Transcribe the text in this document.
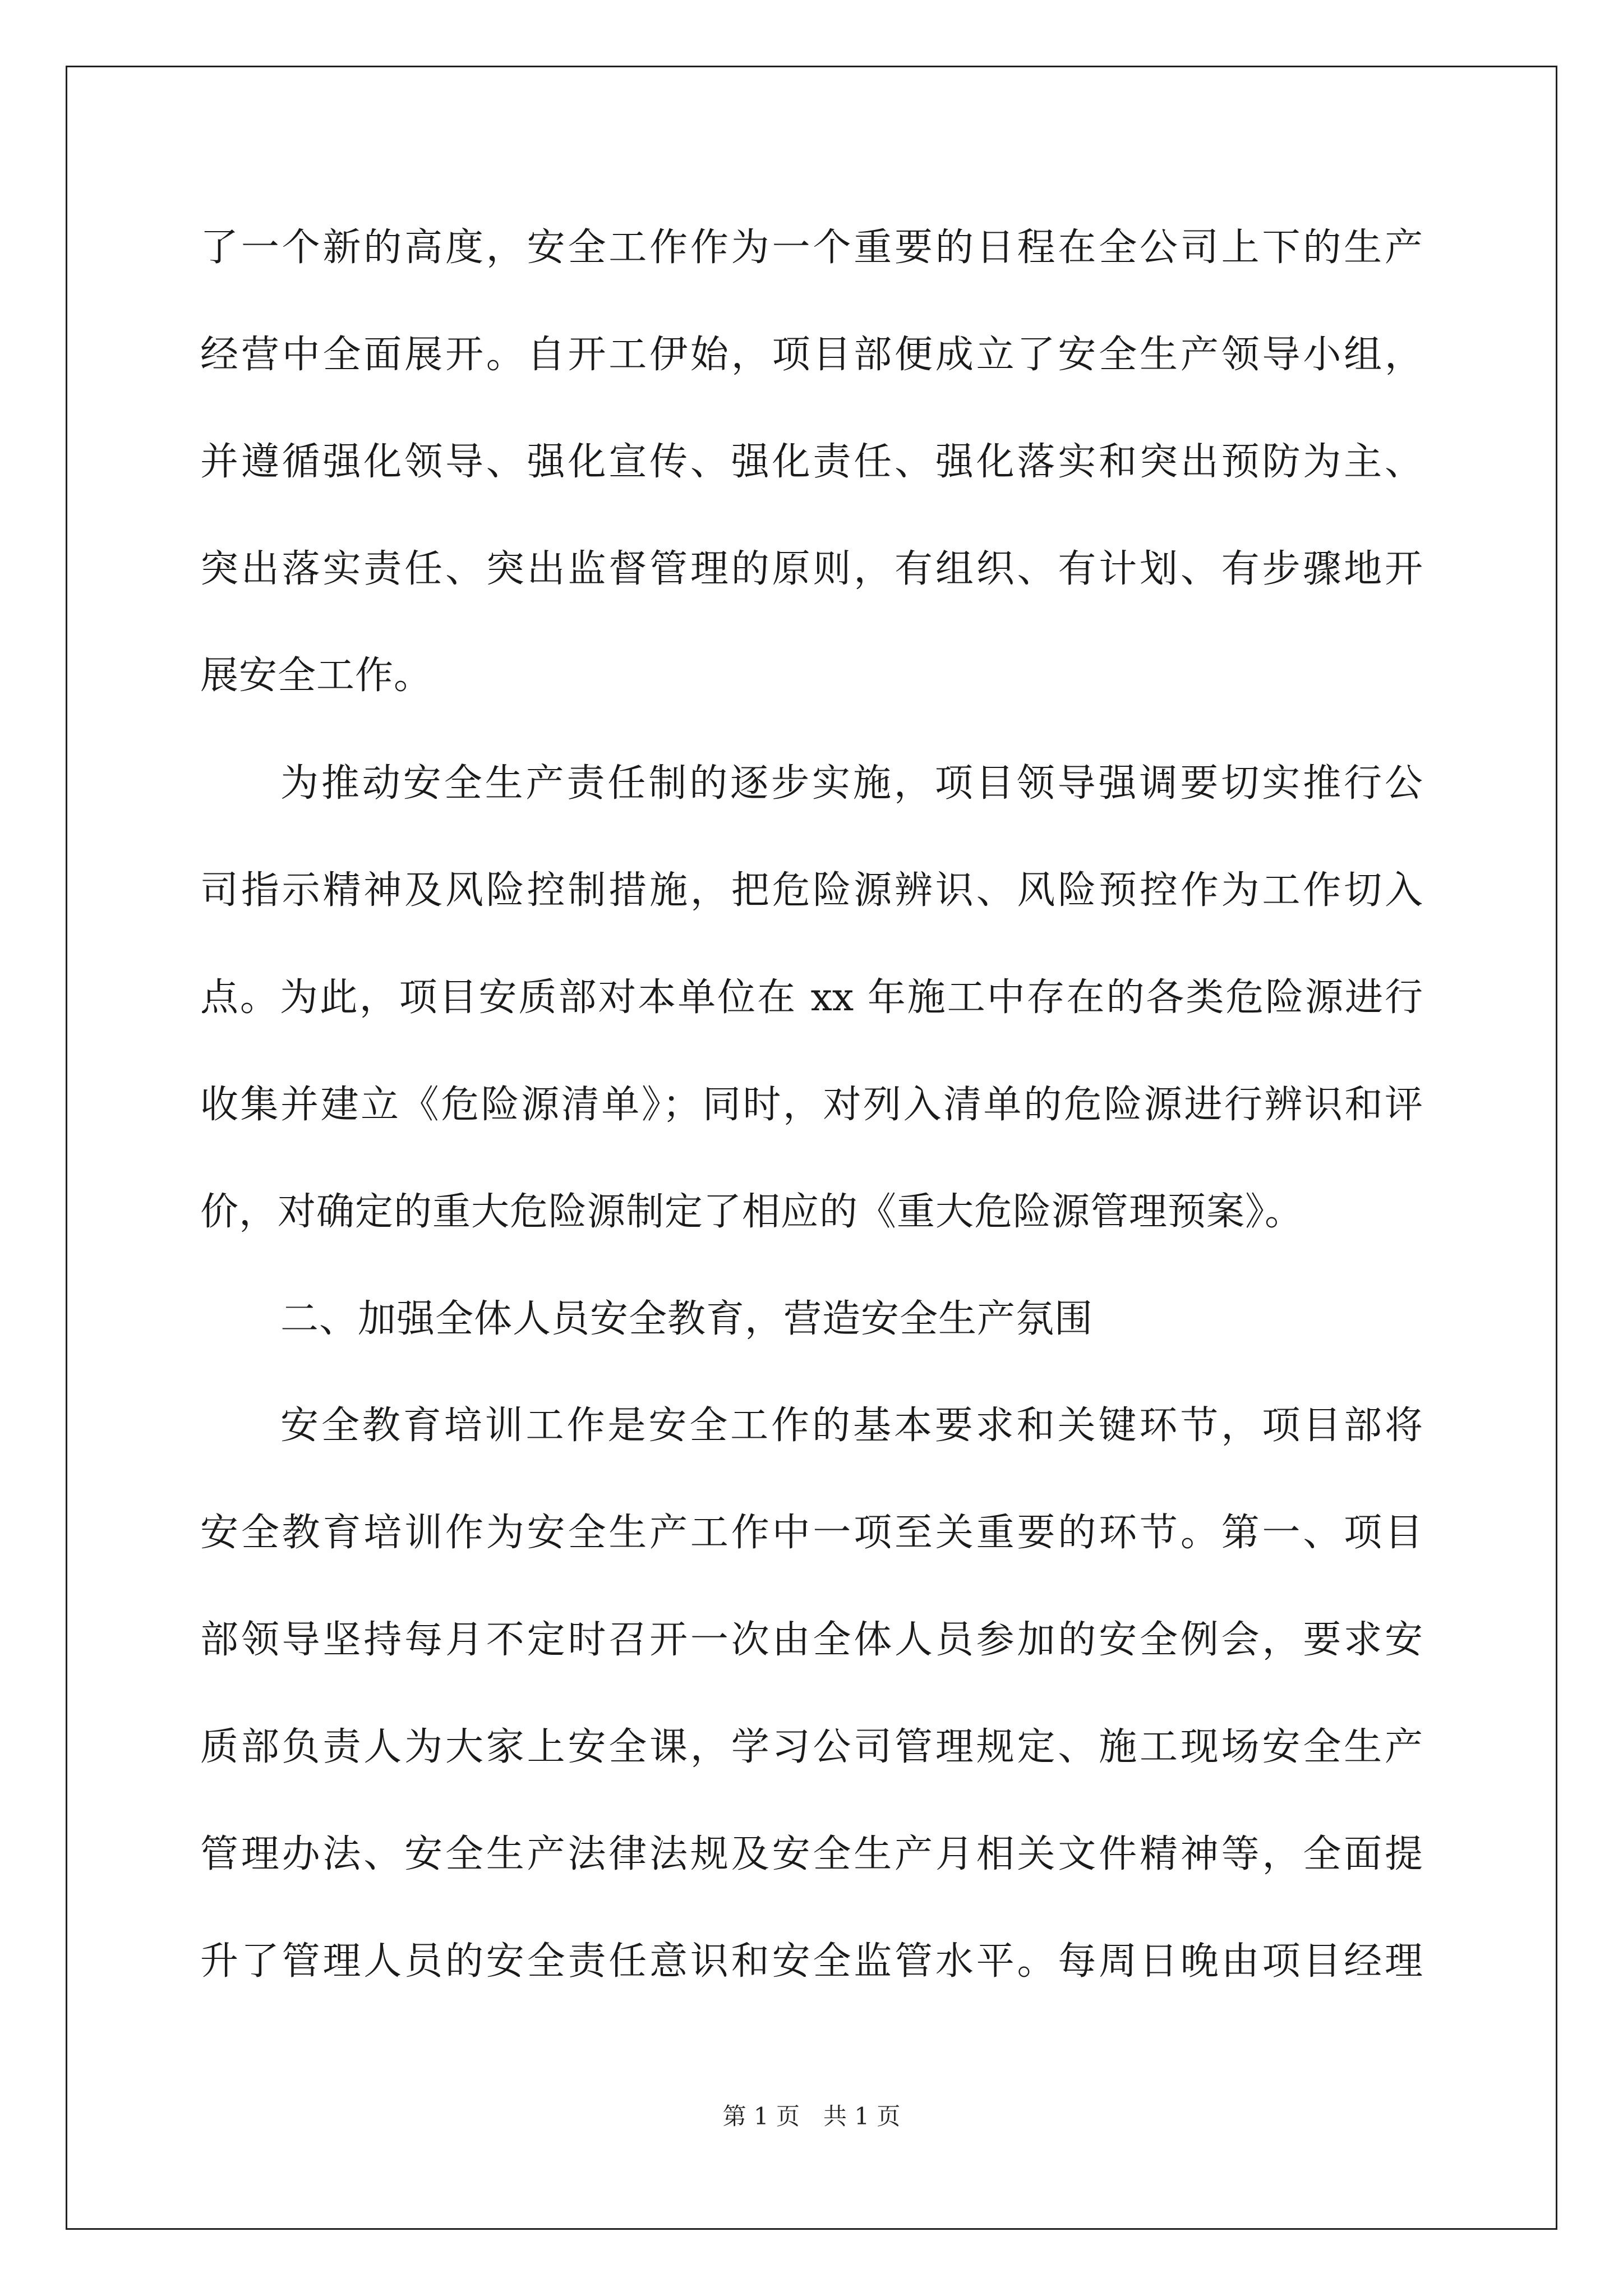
了一个新的高度，安全工作作为一个重要的日程在全公司上下的生产
经营中全面展开。自开工伊始，项目部便成立了安全生产领导小组，
并遵循强化领导、强化宣传、强化责任、强化落实和突出预防为主、
突出落实责任、突出监督管理的原则，有组织、有计划、有步骤地开
展安全工作。
为推动安全生产责任制的逐步实施，项目领导强调要切实推行公
司指示精神及风险控制措施，把危险源辨识、风险预控作为工作切入
点。为此，项目安质部对本单位在 xx 年施工中存在的各类危险源进行
收集并建立《危险源清单》；同时，对列入清单的危险源进行辨识和评
价，对确定的重大危险源制定了相应的《重大危险源管理预案》。
二、加强全体人员安全教育，营造安全生产氛围
安全教育培训工作是安全工作的基本要求和关键环节，项目部将
安全教育培训作为安全生产工作中一项至关重要的环节。第一、项目
部领导坚持每月不定时召开一次由全体人员参加的安全例会，要求安
质部负责人为大家上安全课，学习公司管理规定、施工现场安全生产
管理办法、安全生产法律法规及安全生产月相关文件精神等，全面提
升了管理人员的安全责任意识和安全监管水平。每周日晚由项目经理
第 1 页　共 1 页
